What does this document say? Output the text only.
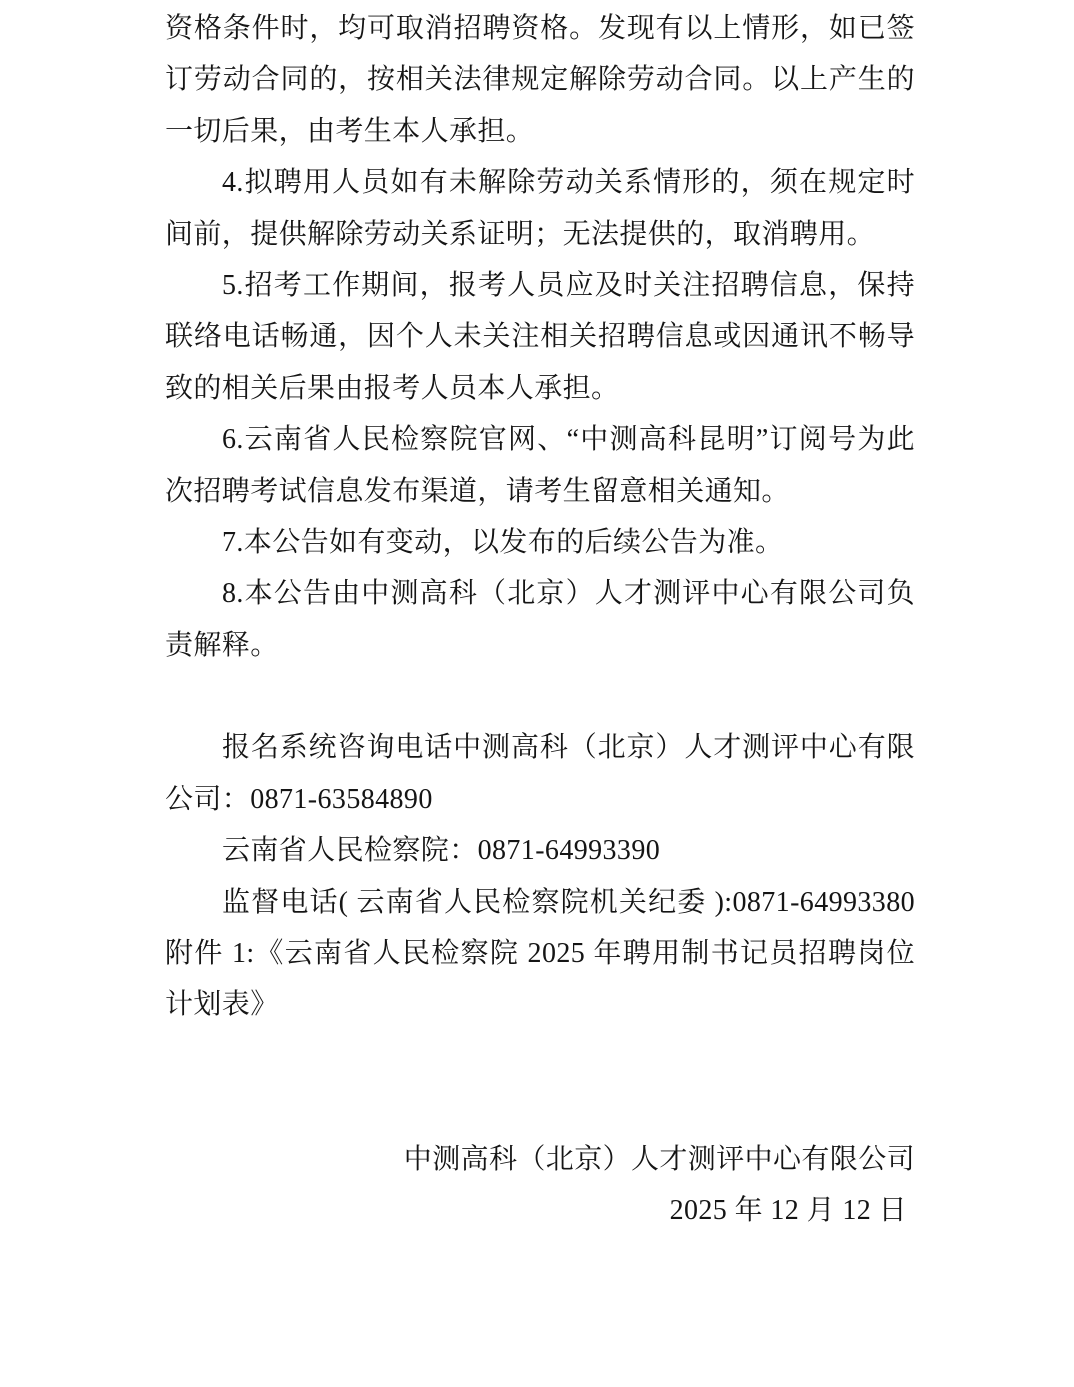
资格条件时，均可取消招聘资格。发现有以上情形，如已签
订劳动合同的，按相关法律规定解除劳动合同。以上产生的
一切后果，由考生本人承担。
4.拟聘用人员如有未解除劳动关系情形的，须在规定时
间前，提供解除劳动关系证明；无法提供的，取消聘用。
5.招考工作期间，报考人员应及时关注招聘信息，保持
联络电话畅通，因个人未关注相关招聘信息或因通讯不畅导
致的相关后果由报考人员本人承担。
6.云南省人民检察院官网、“中测高科昆明”订阅号为此
次招聘考试信息发布渠道，请考生留意相关通知。
7.本公告如有变动，以发布的后续公告为准。
8.本公告由中测高科（北京）人才测评中心有限公司负
责解释。
报名系统咨询电话中测高科（北京）人才测评中心有限
公司：0871-63584890
云南省人民检察院：0871-64993390
监督电话( 云南省人民检察院机关纪委 ):0871-64993380
附件 1:《云南省人民检察院 2025 年聘用制书记员招聘岗位
计划表》
中测高科（北京）人才测评中心有限公司
2025 年 12 月 12 日
